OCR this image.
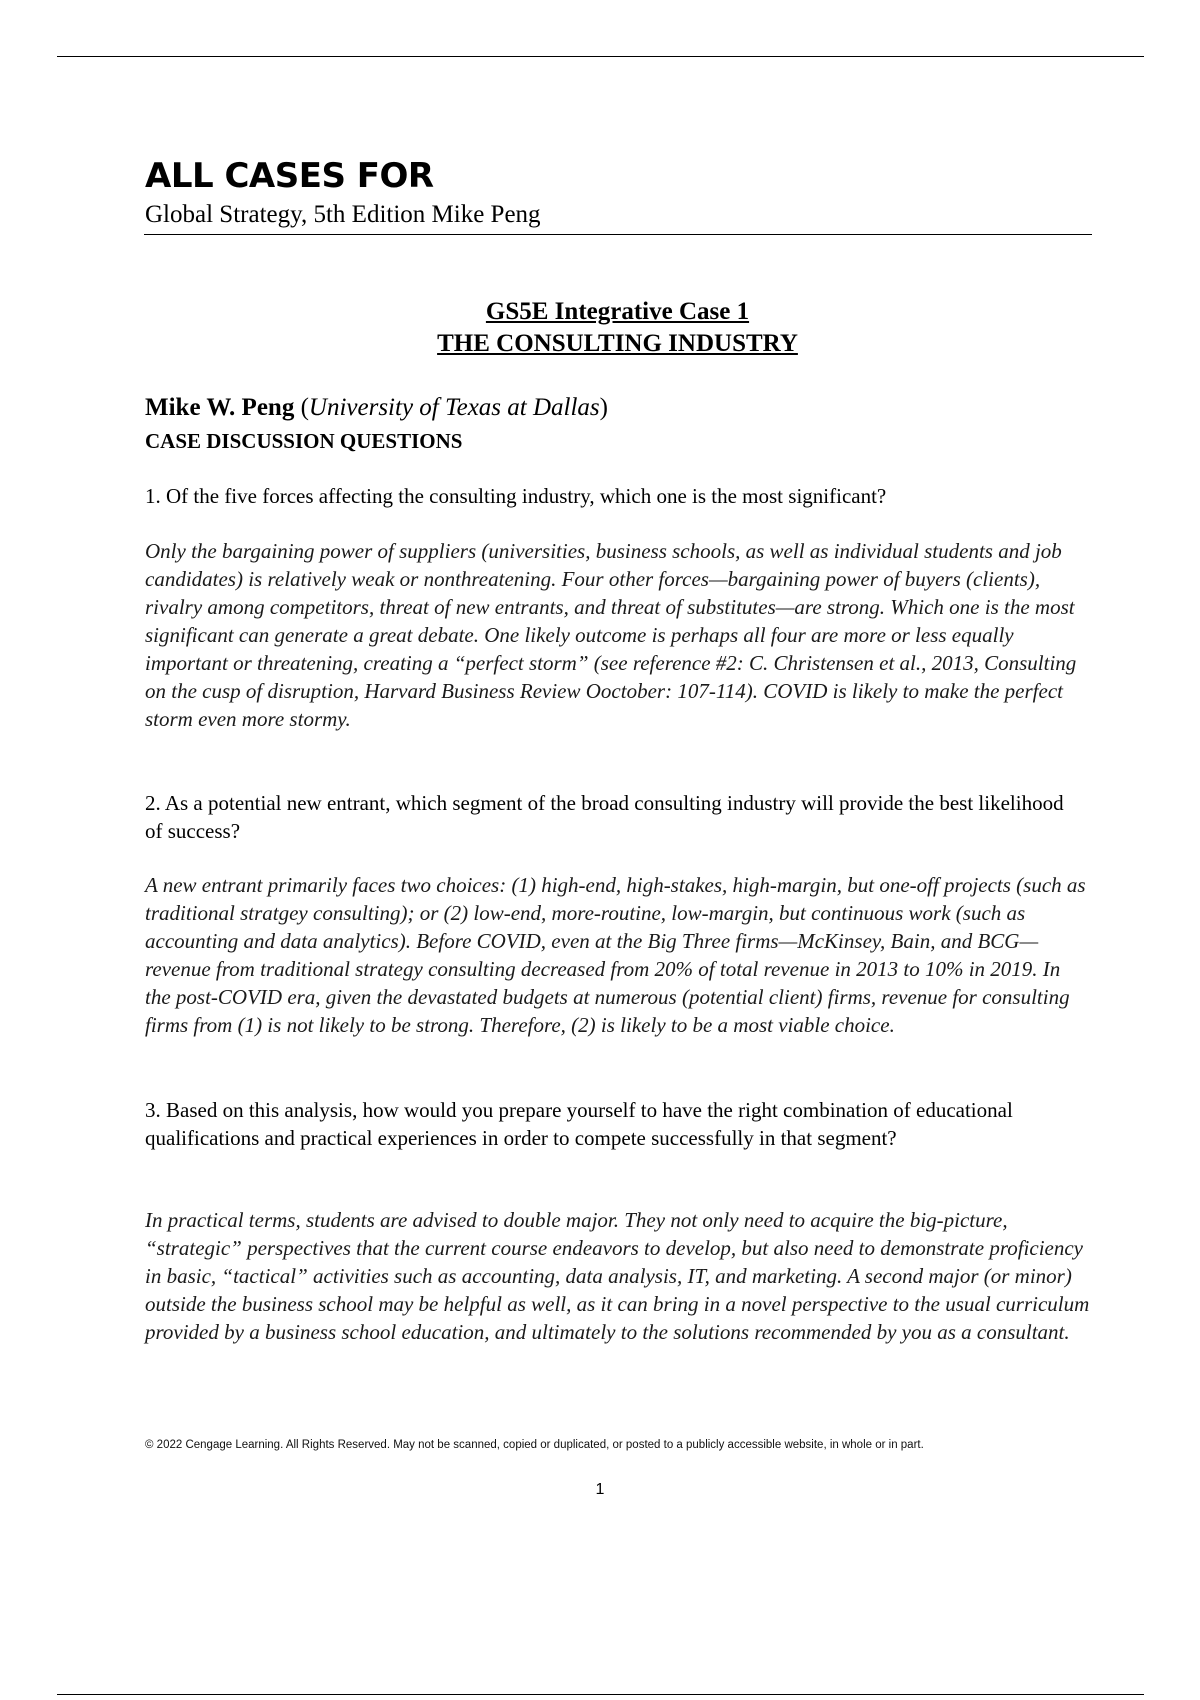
ALL CASES FOR
Global Strategy, 5th Edition Mike Peng
GS5E Integrative Case 1
THE CONSULTING INDUSTRY
Mike W. Peng (University of Texas at Dallas)
CASE DISCUSSION QUESTIONS

1. Of the five forces affecting the consulting industry, which one is the most significant?

Only the bargaining power of suppliers (universities, business schools, as well as individual students and job candidates) is relatively weak or nonthreatening. Four other forces—bargaining power of buyers (clients), rivalry among competitors, threat of new entrants, and threat of substitutes—are strong. Which one is the most significant can generate a great debate. One likely outcome is perhaps all four are more or less equally important or threatening, creating a “perfect storm” (see reference #2: C. Christensen et al., 2013, Consulting on the cusp of disruption, Harvard Business Review Ooctober: 107-114). COVID is likely to make the perfect storm even more stormy.

2. As a potential new entrant, which segment of the broad consulting industry will provide the best likelihood of success?

A new entrant primarily faces two choices: (1) high-end, high-stakes, high-margin, but one-off projects (such as traditional stratgey consulting); or (2) low-end, more-routine, low-margin, but continuous work (such as accounting and data analytics). Before COVID, even at the Big Three firms—McKinsey, Bain, and BCG—revenue from traditional strategy consulting decreased from 20% of total revenue in 2013 to 10% in 2019. In the post-COVID era, given the devastated budgets at numerous (potential client) firms, revenue for consulting firms from (1) is not likely to be strong. Therefore, (2) is likely to be a most viable choice.

3. Based on this analysis, how would you prepare yourself to have the right combination of educational qualifications and practical experiences in order to compete successfully in that segment?

In practical terms, students are advised to double major. They not only need to acquire the big-picture, “strategic” perspectives that the current course endeavors to develop, but also need to demonstrate proficiency in basic, “tactical” activities such as accounting, data analysis, IT, and marketing. A second major (or minor) outside the business school may be helpful as well, as it can bring in a novel perspective to the usual curriculum provided by a business school education, and ultimately to the solutions recommended by you as a consultant.

© 2022 Cengage Learning. All Rights Reserved. May not be scanned, copied or duplicated, or posted to a publicly accessible website, in whole or in part.
1
